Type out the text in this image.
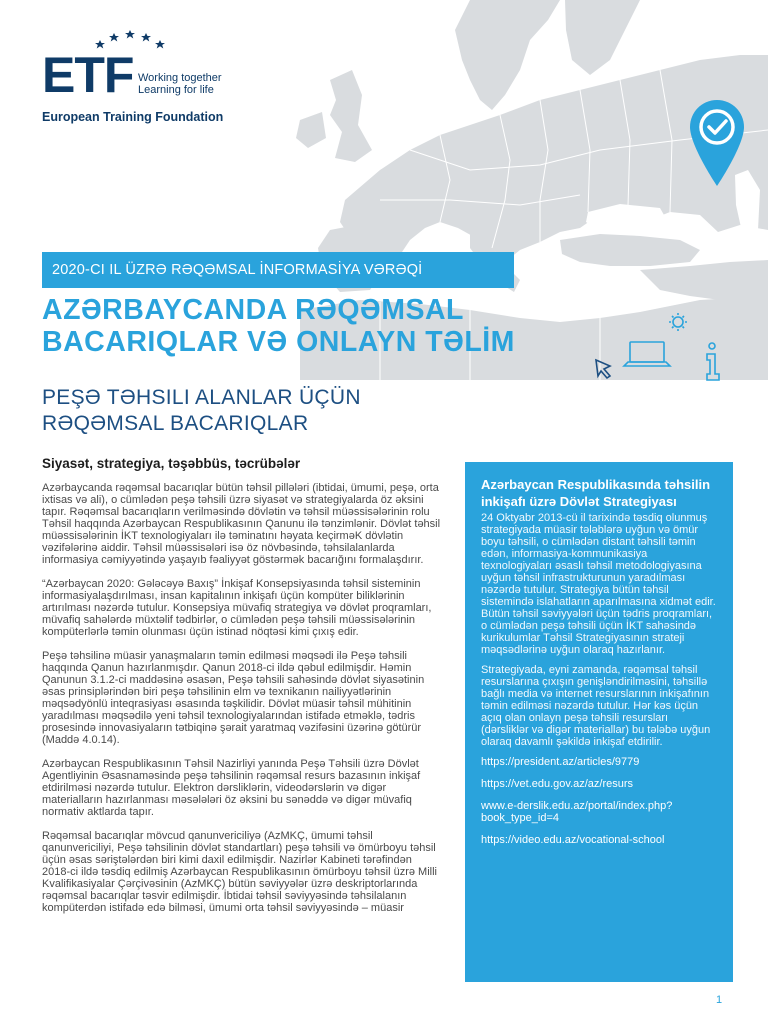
ETF Working together
Learning for life
European Training Foundation
2020-CI IL ÜZRƏ RƏQƏMSAL İNFORMASİYA VƏRƏQİ
AZƏRBAYCANDA RƏQƏMSAL
BACARIQLAR VƏ ONLAYN TƏLİM
PEŞƏ TƏHSILI ALANLAR ÜÇÜN
RƏQƏMSAL BACARIQLAR
Siyasət, strategiya, təşəbbüs, təcrübələr

Azərbaycanda rəqəmsal bacarıqlar bütün təhsil pillələri (ibtidai, ümumi, peşə, orta ixtisas və ali), o cümlədən peşə təhsili üzrə siyasət və strategiyalarda öz əksini tapır. Rəqəmsal bacarıqların verilməsində dövlətin və təhsil müəssisələrinin rolu Təhsil haqqında Azərbaycan Respublikasının Qanunu ilə tənzimlənir. Dövlət təhsil müəssisələrinin İKT texnologiyaları ilə təminatını həyata keçirməK dövlətin vəzifələrinə aiddir. Təhsil müəssisələri isə öz növbəsində, təhsilalanlarda informasiya cəmiyyətində yaşayıb fəaliyyət göstərmək bacarığını formalaşdırır.

“Azərbaycan 2020: Gələcəyə Baxış” İnkişaf Konsepsiyasında təhsil sisteminin informasiyalaşdırılması, insan kapitalının inkişafı üçün kompüter biliklərinin artırılması nəzərdə tutulur. Konsepsiya müvafiq strategiya və dövlət proqramları, müvafiq sahələrdə müxtəlif tədbirlər, o cümlədən peşə təhsili müəssisələrinin kompüterlərlə təmin olunması üçün istinad nöqtəsi kimi çıxış edir.

Peşə təhsilinə müasir yanaşmaların təmin edilməsi məqsədi ilə Peşə təhsili haqqında Qanun hazırlanmışdır. Qanun 2018-ci ildə qəbul edilmişdir. Həmin Qanunun 3.1.2-ci maddəsinə əsasən, Peşə təhsili sahəsində dövlət siyasətinin əsas prinsiplərindən biri peşə təhsilinin elm və texnikanın nailiyyətlərinin məqsədyönlü inteqrasiyası əsasında təşkilidir. Dövlət müasir təhsil mühitinin yaradılması məqsədilə yeni təhsil texnologiyalarından istifadə etməklə, tədris prosesində innovasiyaların tətbiqinə şərait yaratmaq vəzifəsini üzərinə götürür (Maddə 4.0.14).

Azərbaycan Respublikasının Təhsil Nazirliyi yanında Peşə Təhsili üzrə Dövlət Agentliyinin Əsasnaməsində peşə təhsilinin rəqəmsal resurs bazasının inkişaf etdirilməsi nəzərdə tutulur. Elektron dərsliklərin, videodərslərin və digər materialların hazırlanması məsələləri öz əksini bu sənəddə və digər müvafiq normativ aktlarda tapır.

Rəqəmsal bacarıqlar mövcud qanunvericiliyə (AzMKÇ, ümumi təhsil qanunvericiliyi, Peşə təhsilinin dövlət standartları) peşə təhsili və ömürboyu təhsil üçün əsas səriştələrdən biri kimi daxil edilmişdir. Nazirlər Kabineti tərəfindən 2018-ci ildə təsdiq edilmiş Azərbaycan Respublikasının ömürboyu təhsil üzrə Milli Kvalifikasiyalar Çərçivəsinin (AzMKÇ) bütün səviyyələr üzrə deskriptorlarında rəqəmsal bacarıqlar təsvir edilmişdir. İbtidai təhsil səviyyəsində təhsilalanın kompüterdən istifadə edə bilməsi, ümumi orta təhsil səviyyəsində – müasir

Azərbaycan Respublikasında təhsilin inkişafı üzrə Dövlət Strategiyası

24 Oktyabr 2013-cü il tarixində təsdiq olunmuş strategiyada müasir tələblərə uyğun və ömür boyu təhsili, o cümlədən distant təhsili təmin edən, informasiya-kommunikasiya texnologiyaları əsaslı təhsil metodologiyasına uyğun təhsil infrastrukturunun yaradılması nəzərdə tutulur. Strategiya bütün təhsil sistemində islahatların aparılmasına xidmət edir. Bütün təhsil səviyyələri üçün tədris proqramları, o cümlədən peşə təhsili üçün İKT sahəsində kurikulumlar Təhsil Strategiyasının strateji məqsədlərinə uyğun olaraq hazırlanır.

Strategiyada, eyni zamanda, rəqəmsal təhsil resurslarına çıxışın genişləndirilməsini, təhsillə bağlı media və internet resurslarının inkişafının təmin edilməsi nəzərdə tutulur. Hər kəs üçün açıq olan onlayn peşə təhsili resursları (dərsliklər və digər materiallar) bu tələbə uyğun olaraq davamlı şəkildə inkişaf etdirilir.

https://president.az/articles/9779
https://vet.edu.gov.az/az/resurs
www.e-derslik.edu.az/portal/index.php?book_type_id=4
https://video.edu.az/vocational-school
1
